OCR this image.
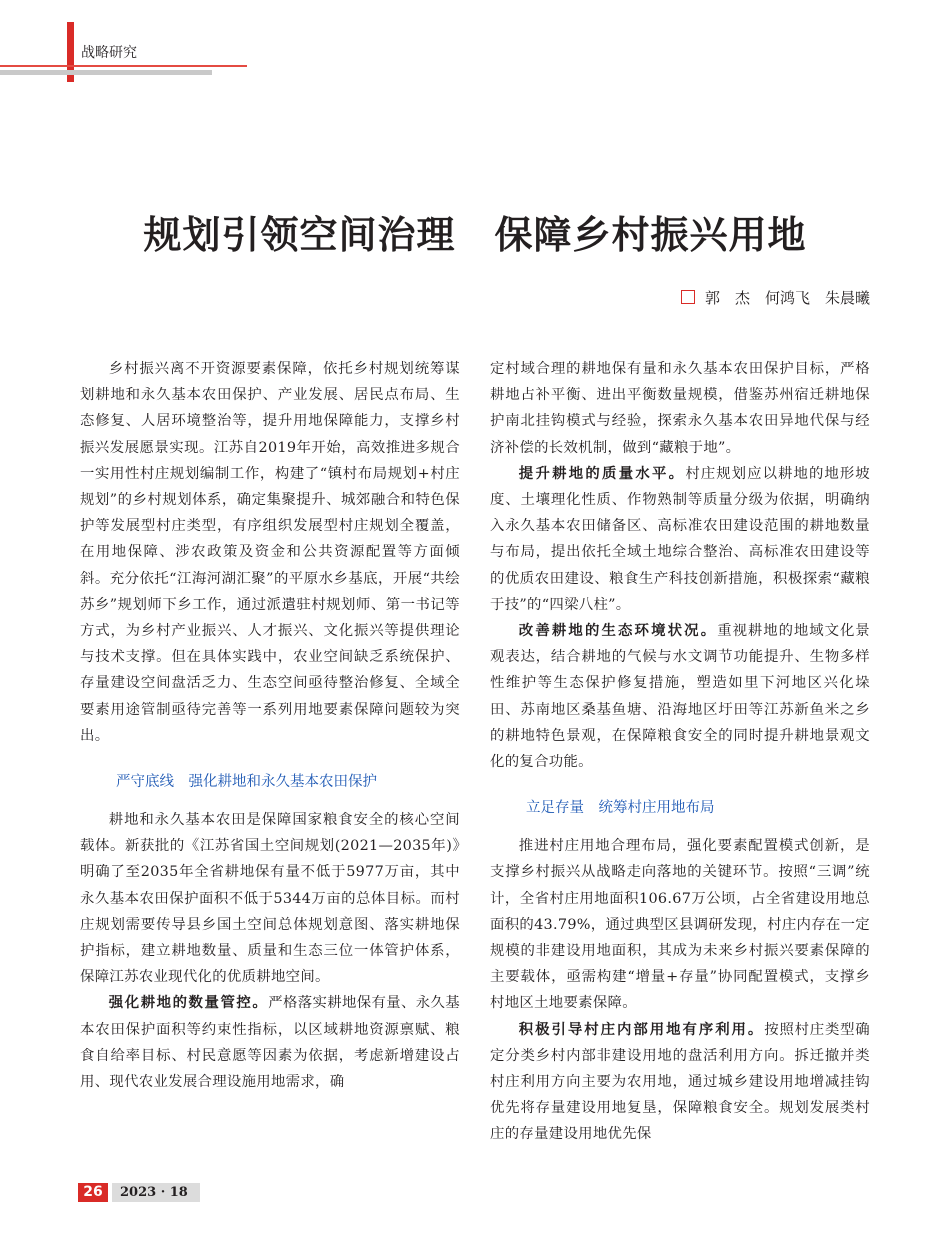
战略研究
规划引领空间治理　保障乡村振兴用地
郭　杰　何鸿飞　朱晨曦

乡村振兴离不开资源要素保障，依托乡村规划统筹谋划耕地和永久基本农田保护、产业发展、居民点布局、生态修复、人居环境整治等，提升用地保障能力，支撑乡村振兴发展愿景实现。江苏自2019年开始，高效推进多规合一实用性村庄规划编制工作，构建了“镇村布局规划+村庄规划”的乡村规划体系，确定集聚提升、城郊融合和特色保护等发展型村庄类型，有序组织发展型村庄规划全覆盖，在用地保障、涉农政策及资金和公共资源配置等方面倾斜。充分依托“江海河湖汇聚”的平原水乡基底，开展“共绘苏乡”规划师下乡工作，通过派遣驻村规划师、第一书记等方式，为乡村产业振兴、人才振兴、文化振兴等提供理论与技术支撑。但在具体实践中，农业空间缺乏系统保护、存量建设空间盘活乏力、生态空间亟待整治修复、全域全要素用途管制亟待完善等一系列用地要素保障问题较为突出。

严守底线　强化耕地和永久基本农田保护

耕地和永久基本农田是保障国家粮食安全的核心空间载体。新获批的《江苏省国土空间规划(2021—2035年)》明确了至2035年全省耕地保有量不低于5977万亩，其中永久基本农田保护面积不低于5344万亩的总体目标。而村庄规划需要传导县乡国土空间总体规划意图、落实耕地保护指标，建立耕地数量、质量和生态三位一体管护体系，保障江苏农业现代化的优质耕地空间。

强化耕地的数量管控。严格落实耕地保有量、永久基本农田保护面积等约束性指标，以区域耕地资源禀赋、粮食自给率目标、村民意愿等因素为依据，考虑新增建设占用、现代农业发展合理设施用地需求，确

定村域合理的耕地保有量和永久基本农田保护目标，严格耕地占补平衡、进出平衡数量规模，借鉴苏州宿迁耕地保护南北挂钩模式与经验，探索永久基本农田异地代保与经济补偿的长效机制，做到“藏粮于地”。

提升耕地的质量水平。村庄规划应以耕地的地形坡度、土壤理化性质、作物熟制等质量分级为依据，明确纳入永久基本农田储备区、高标准农田建设范围的耕地数量与布局，提出依托全域土地综合整治、高标准农田建设等的优质农田建设、粮食生产科技创新措施，积极探索“藏粮于技”的“四梁八柱”。

改善耕地的生态环境状况。重视耕地的地域文化景观表达，结合耕地的气候与水文调节功能提升、生物多样性维护等生态保护修复措施，塑造如里下河地区兴化垛田、苏南地区桑基鱼塘、沿海地区圩田等江苏新鱼米之乡的耕地特色景观，在保障粮食安全的同时提升耕地景观文化的复合功能。

立足存量　统筹村庄用地布局

推进村庄用地合理布局，强化要素配置模式创新，是支撑乡村振兴从战略走向落地的关键环节。按照“三调”统计，全省村庄用地面积106.67万公顷，占全省建设用地总面积的43.79%，通过典型区县调研发现，村庄内存在一定规模的非建设用地面积，其成为未来乡村振兴要素保障的主要载体，亟需构建“增量+存量”协同配置模式，支撑乡村地区土地要素保障。

积极引导村庄内部用地有序利用。按照村庄类型确定分类乡村内部非建设用地的盘活利用方向。拆迁撤并类村庄利用方向主要为农用地，通过城乡建设用地增减挂钩优先将存量建设用地复垦，保障粮食安全。规划发展类村庄的存量建设用地优先保

26	2023 · 18
